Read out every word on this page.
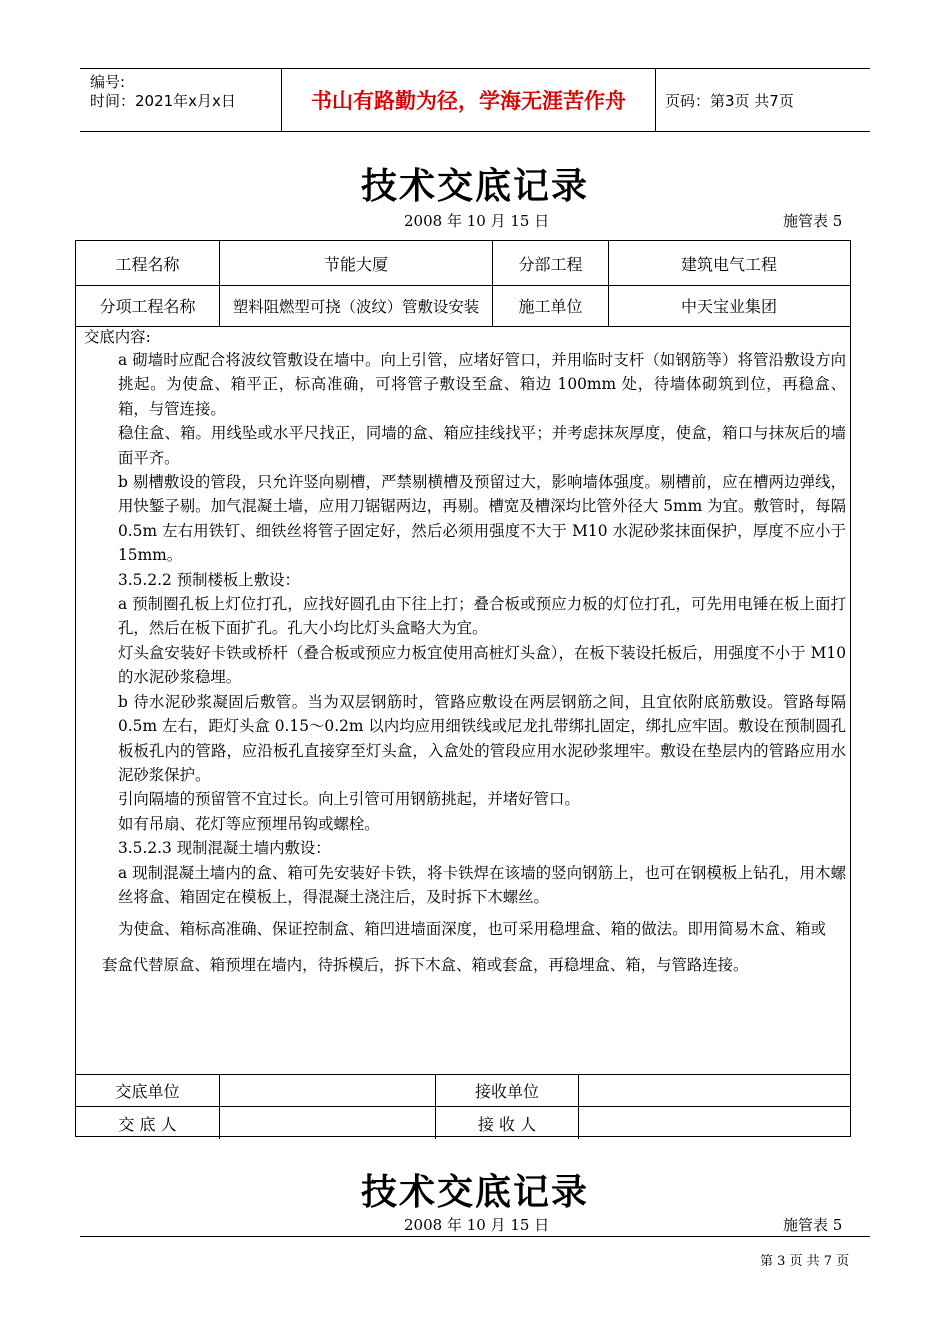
编号:
时间：2021年x月x日	书山有路勤为径，学海无涯苦作舟	页码：第3页 共7页
技术交底记录
2008 年 10 月 15 日	施管表 5
工程名称	节能大厦	分部工程	建筑电气工程
分项工程名称	塑料阻燃型可挠（波纹）管敷设安装	施工单位	中天宝业集团
交底内容:

a 砌墙时应配合将波纹管敷设在墙中。向上引管，应堵好管口，并用临时支杆（如钢筋等）将管沿敷设方向挑起。为使盒、箱平正，标高准确，可将管子敷设至盒、箱边 100mm 处，待墙体砌筑到位，再稳盒、箱，与管连接。

稳住盒、箱。用线坠或水平尺找正，同墙的盒、箱应挂线找平；并考虑抹灰厚度，使盒，箱口与抹灰后的墙面平齐。

b 剔槽敷设的管段，只允许竖向剔槽，严禁剔横槽及预留过大，影响墙体强度。剔槽前，应在槽两边弹线，用快錾子剔。加气混凝土墙，应用刀锯锯两边，再剔。槽宽及槽深均比管外径大 5mm 为宜。敷管时，每隔 0.5m 左右用铁钉、细铁丝将管子固定好，然后必须用强度不大于 M10 水泥砂浆抹面保护，厚度不应小于 15mm。

3.5.2.2 预制楼板上敷设：

a 预制圈孔板上灯位打孔，应找好圆孔由下往上打；叠合板或预应力板的灯位打孔，可先用电锤在板上面打孔，然后在板下面扩孔。孔大小均比灯头盒略大为宜。

灯头盒安装好卡铁或桥杆（叠合板或预应力板宜使用高桩灯头盒），在板下装设托板后，用强度不小于 M10 的水泥砂浆稳埋。

b 待水泥砂浆凝固后敷管。当为双层钢筋时，管路应敷设在两层钢筋之间，且宜依附底筋敷设。管路每隔 0.5m 左右，距灯头盒 0.15～0.2m 以内均应用细铁线或尼龙扎带绑扎固定，绑扎应牢固。敷设在预制圆孔板板孔内的管路，应沿板孔直接穿至灯头盒，入盒处的管段应用水泥砂浆埋牢。敷设在垫层内的管路应用水泥砂浆保护。

引向隔墙的预留管不宜过长。向上引管可用钢筋挑起，并堵好管口。

如有吊扇、花灯等应预埋吊钩或螺栓。

3.5.2.3 现制混凝土墙内敷设：

a 现制混凝土墙内的盒、箱可先安装好卡铁，将卡铁焊在该墙的竖向钢筋上，也可在钢模板上钻孔，用木螺丝将盒、箱固定在模板上，得混凝土浇注后，及时拆下木螺丝。

为使盒、箱标高准确、保证控制盒、箱凹进墙面深度，也可采用稳埋盒、箱的做法。即用简易木盒、箱或

套盒代替原盒、箱预埋在墙内，待拆模后，拆下木盒、箱或套盒，再稳埋盒、箱，与管路连接。

交底单位	接收单位
交 底 人	接 收 人
技术交底记录
2008 年 10 月 15 日	施管表 5
第 3 页 共 7 页
